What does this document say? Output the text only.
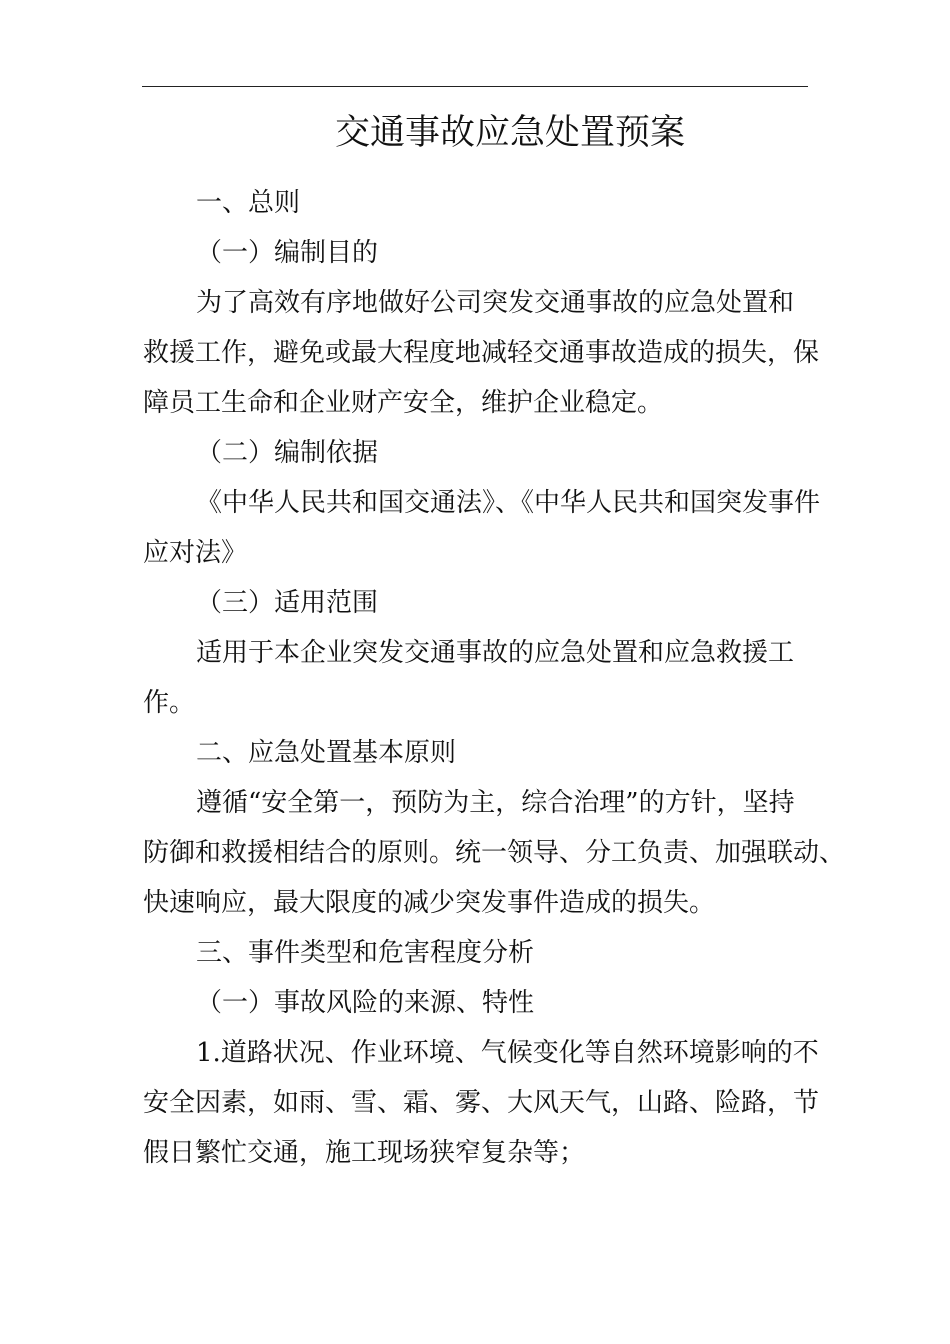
交通事故应急处置预案
一、总则
（一）编制目的
为了高效有序地做好公司突发交通事故的应急处置和
救援工作，避免或最大程度地减轻交通事故造成的损失，保
障员工生命和企业财产安全，维护企业稳定。
（二）编制依据
《中华人民共和国交通法》、《中华人民共和国突发事件
应对法》
（三）适用范围
适用于本企业突发交通事故的应急处置和应急救援工
作。
二、应急处置基本原则
遵循“安全第一，预防为主，综合治理”的方针，坚持
防御和救援相结合的原则。统一领导、分工负责、加强联动、
快速响应，最大限度的减少突发事件造成的损失。
三、事件类型和危害程度分析
（一）事故风险的来源、特性
1.道路状况、作业环境、气候变化等自然环境影响的不
安全因素，如雨、雪、霜、雾、大风天气，山路、险路，节
假日繁忙交通，施工现场狭窄复杂等；
